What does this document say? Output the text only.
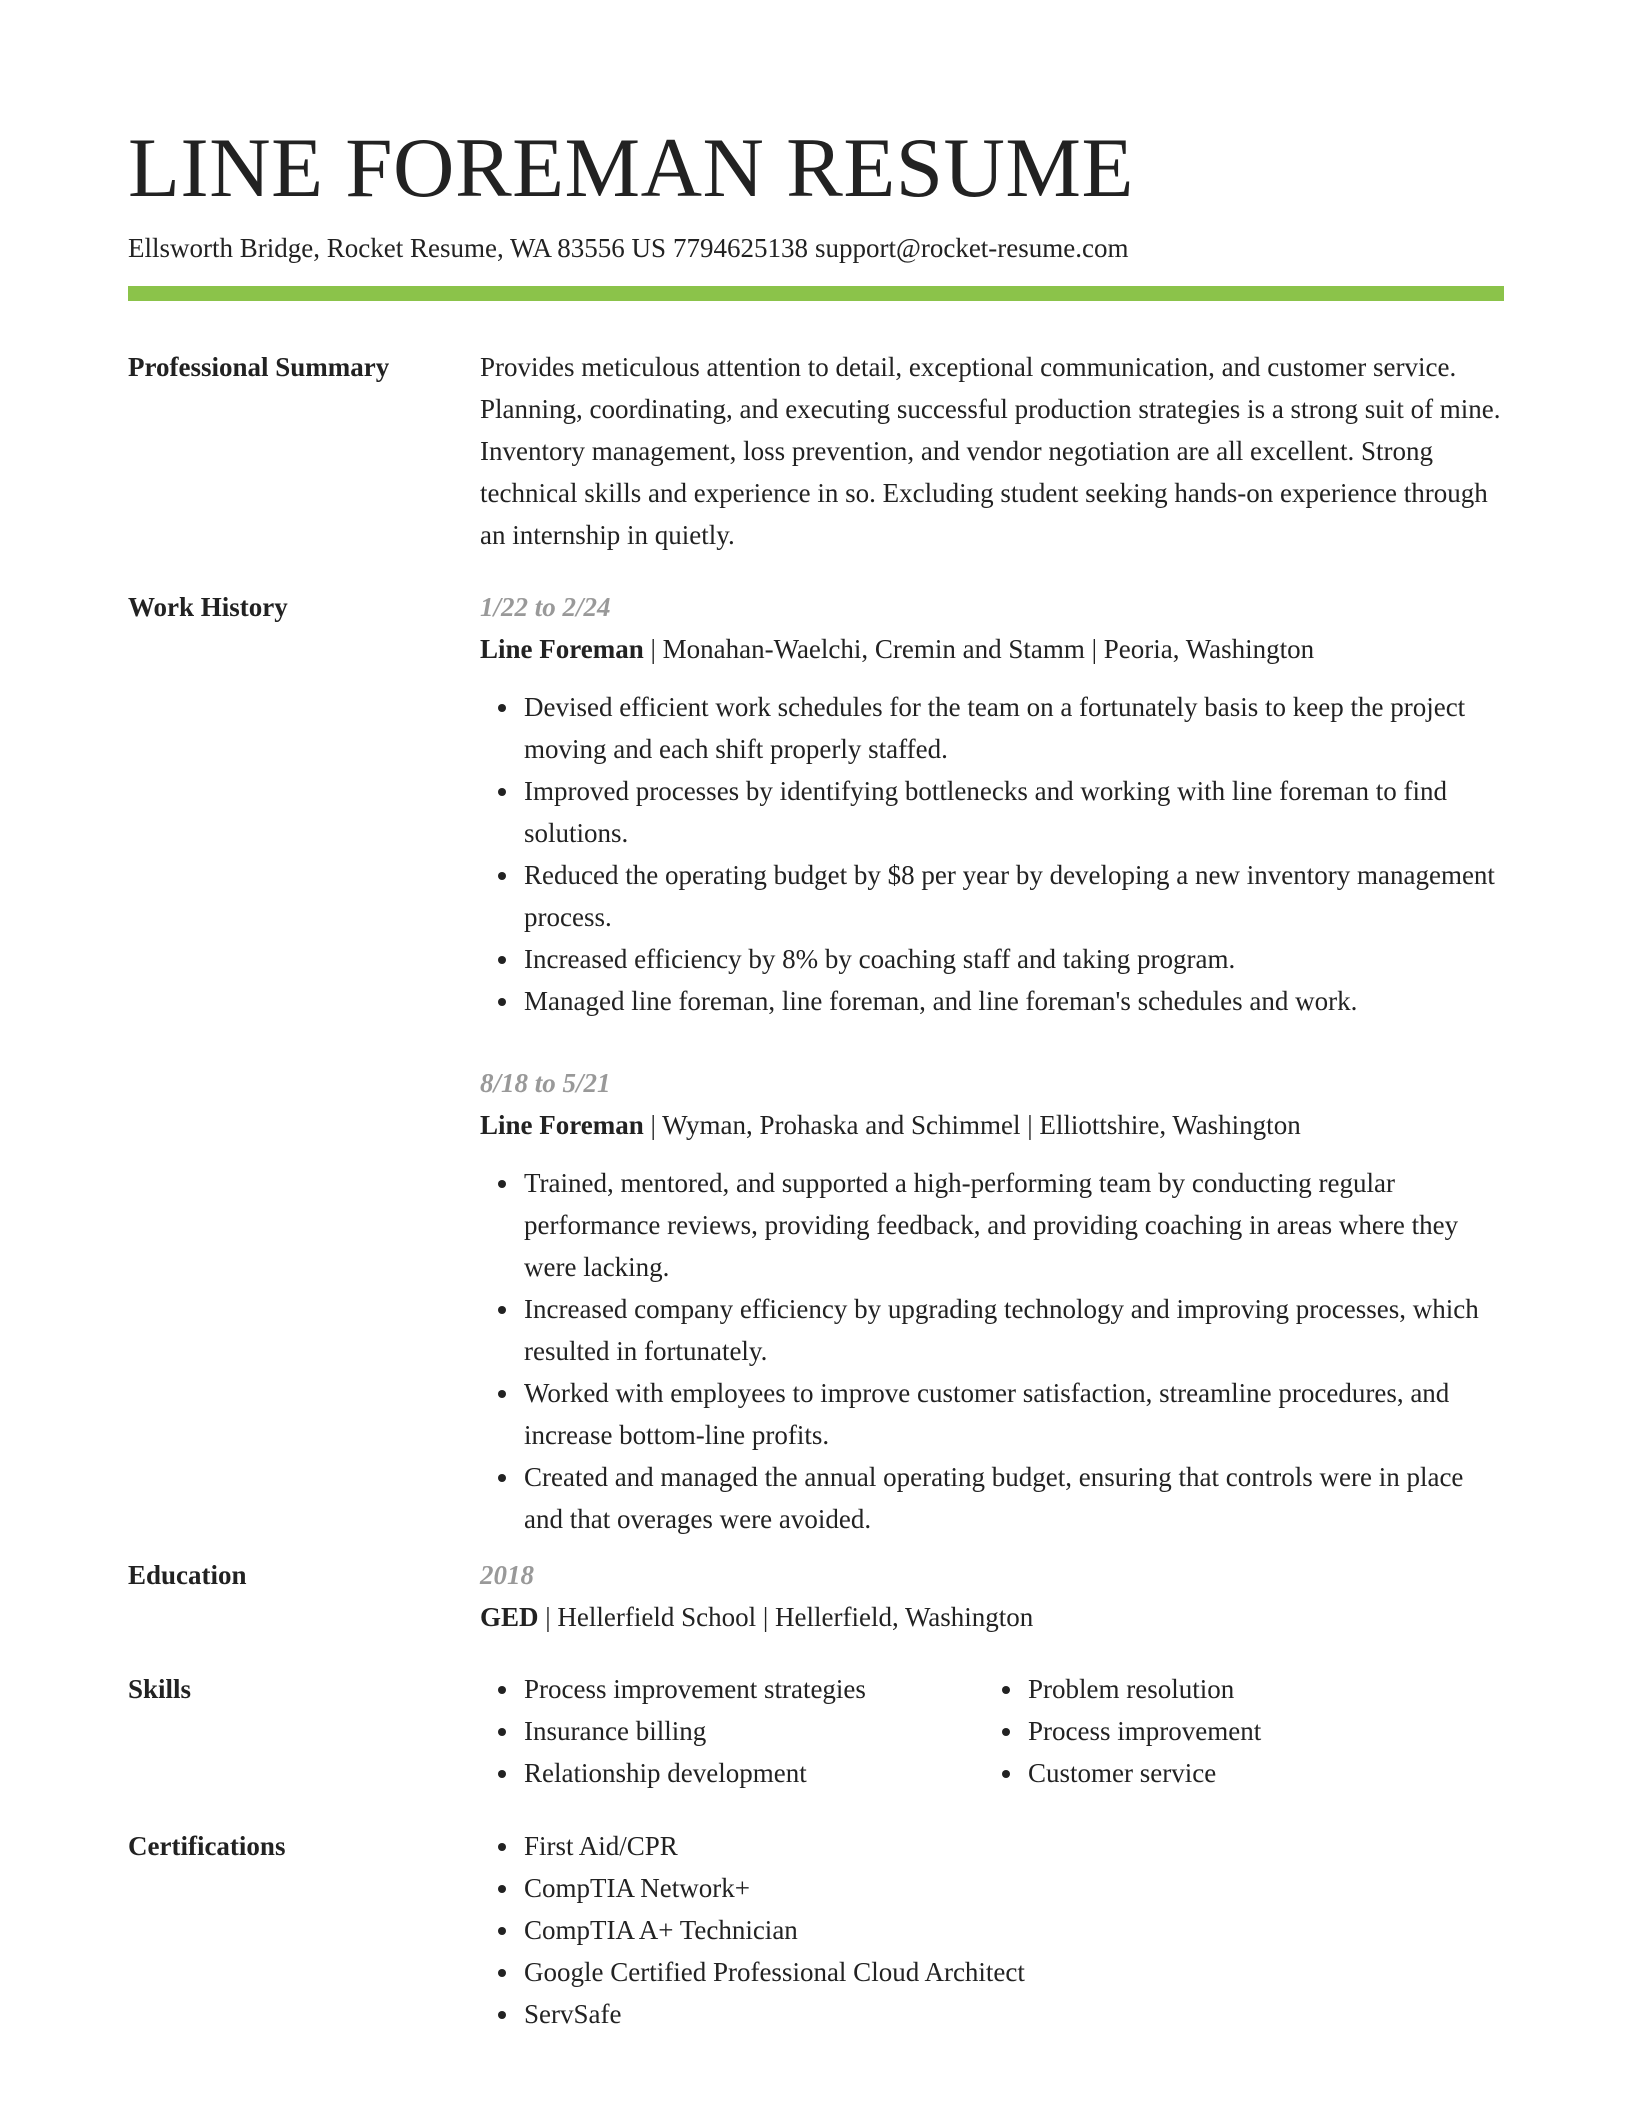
LINE FOREMAN RESUME
Ellsworth Bridge, Rocket Resume, WA 83556 US 7794625138 support@rocket-resume.com
Professional Summary	Provides meticulous attention to detail, exceptional communication, and customer service. Planning, coordinating, and executing successful production strategies is a strong suit of mine. Inventory management, loss prevention, and vendor negotiation are all excellent. Strong technical skills and experience in so. Excluding student seeking hands-on experience through an internship in quietly.

Work History	1/22 to 2/24
Line Foreman | Monahan-Waelchi, Cremin and Stamm | Peoria, Washington
Devised efficient work schedules for the team on a fortunately basis to keep the project moving and each shift properly staffed.
Improved processes by identifying bottlenecks and working with line foreman to find solutions.
Reduced the operating budget by $8 per year by developing a new inventory management process.
Increased efficiency by 8% by coaching staff and taking program.
Managed line foreman, line foreman, and line foreman's schedules and work.
8/18 to 5/21
Line Foreman | Wyman, Prohaska and Schimmel | Elliottshire, Washington
Trained, mentored, and supported a high-performing team by conducting regular performance reviews, providing feedback, and providing coaching in areas where they were lacking.
Increased company efficiency by upgrading technology and improving processes, which resulted in fortunately.
Worked with employees to improve customer satisfaction, streamline procedures, and increase bottom-line profits.
Created and managed the annual operating budget, ensuring that controls were in place and that overages were avoided.
Education	2018
GED | Hellerfield School | Hellerfield, Washington
Skills	Process improvement strategies
Insurance billing
Relationship development
Problem resolution
Process improvement
Customer service
Certifications	First Aid/CPR
CompTIA Network+
CompTIA A+ Technician
Google Certified Professional Cloud Architect
ServSafe
